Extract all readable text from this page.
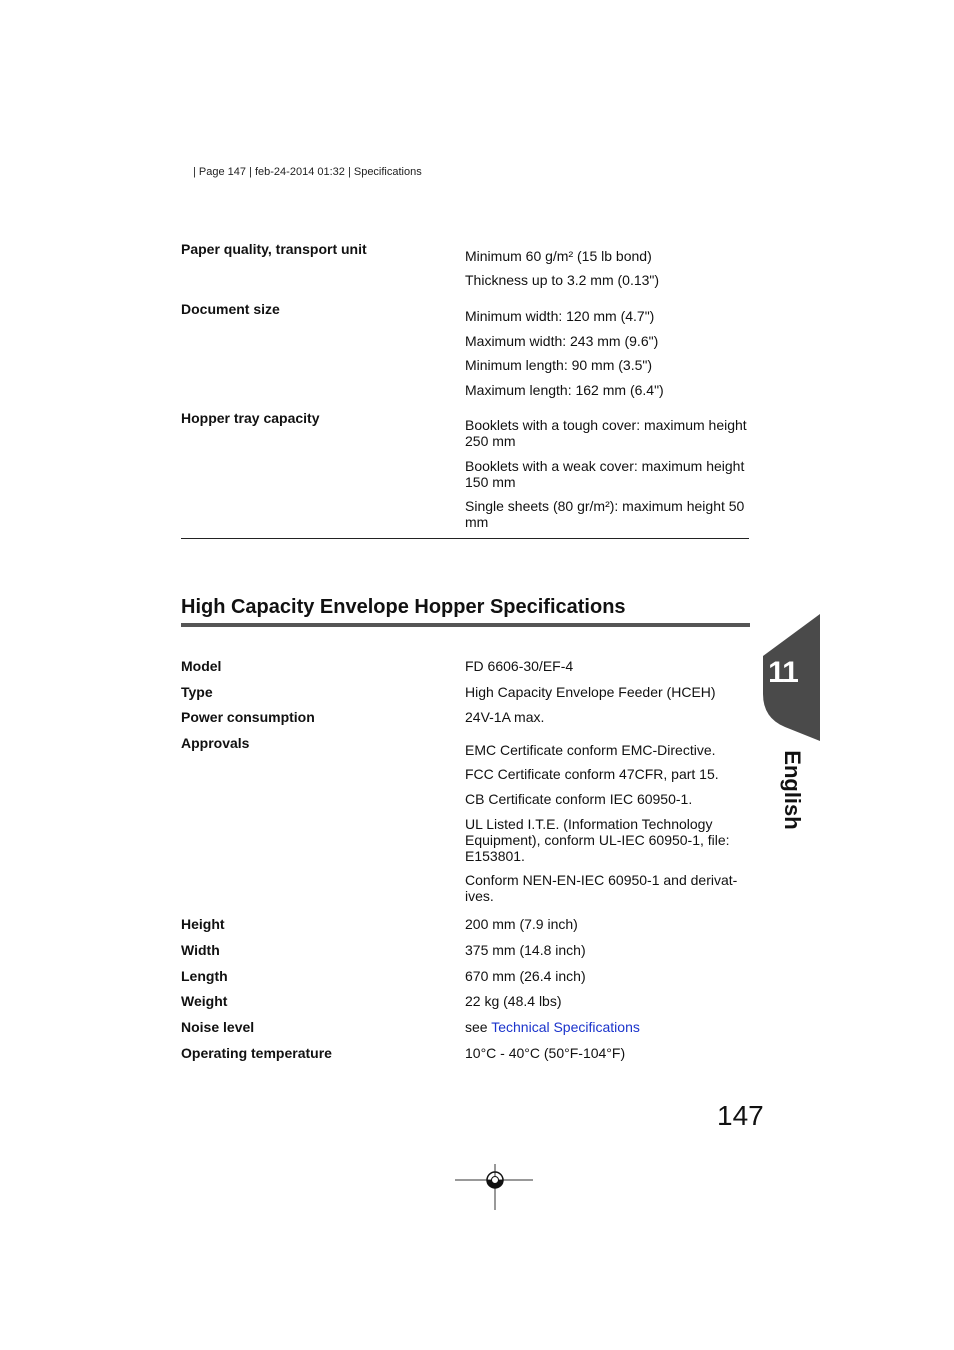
| Page 147 | feb-24-2014 01:32 | Specifications
Paper quality, transport unit	Minimum 60 g/m² (15 lb bond)
Thickness up to 3.2 mm (0.13")
Document size	Minimum width: 120 mm (4.7")
Maximum width: 243 mm (9.6")
Minimum length: 90 mm (3.5")
Maximum length: 162 mm (6.4")
Hopper tray capacity	Booklets with a tough cover: maximum height 250 mm
Booklets with a weak cover: maximum height 150 mm
Single sheets (80 gr/m²): maximum height 50 mm
High Capacity Envelope Hopper Specifications
Model	FD 6606-30/EF-4
Type	High Capacity Envelope Feeder (HCEH)
Power consumption	24V-1A max.
Approvals	EMC Certificate conform EMC-Directive.
FCC Certificate conform 47CFR, part 15.
CB Certificate conform IEC 60950-1.
UL Listed I.T.E. (Information Technology Equipment), conform UL-IEC 60950-1, file: E153801.
Conform NEN-EN-IEC 60950-1 and derivat-ives.
Height	200 mm (7.9 inch)
Width	375 mm (14.8 inch)
Length	670 mm (26.4 inch)
Weight	22 kg (48.4 lbs)
Noise level	see Technical Specifications
Operating temperature	10°C - 40°C (50°F-104°F)
11
English
147
